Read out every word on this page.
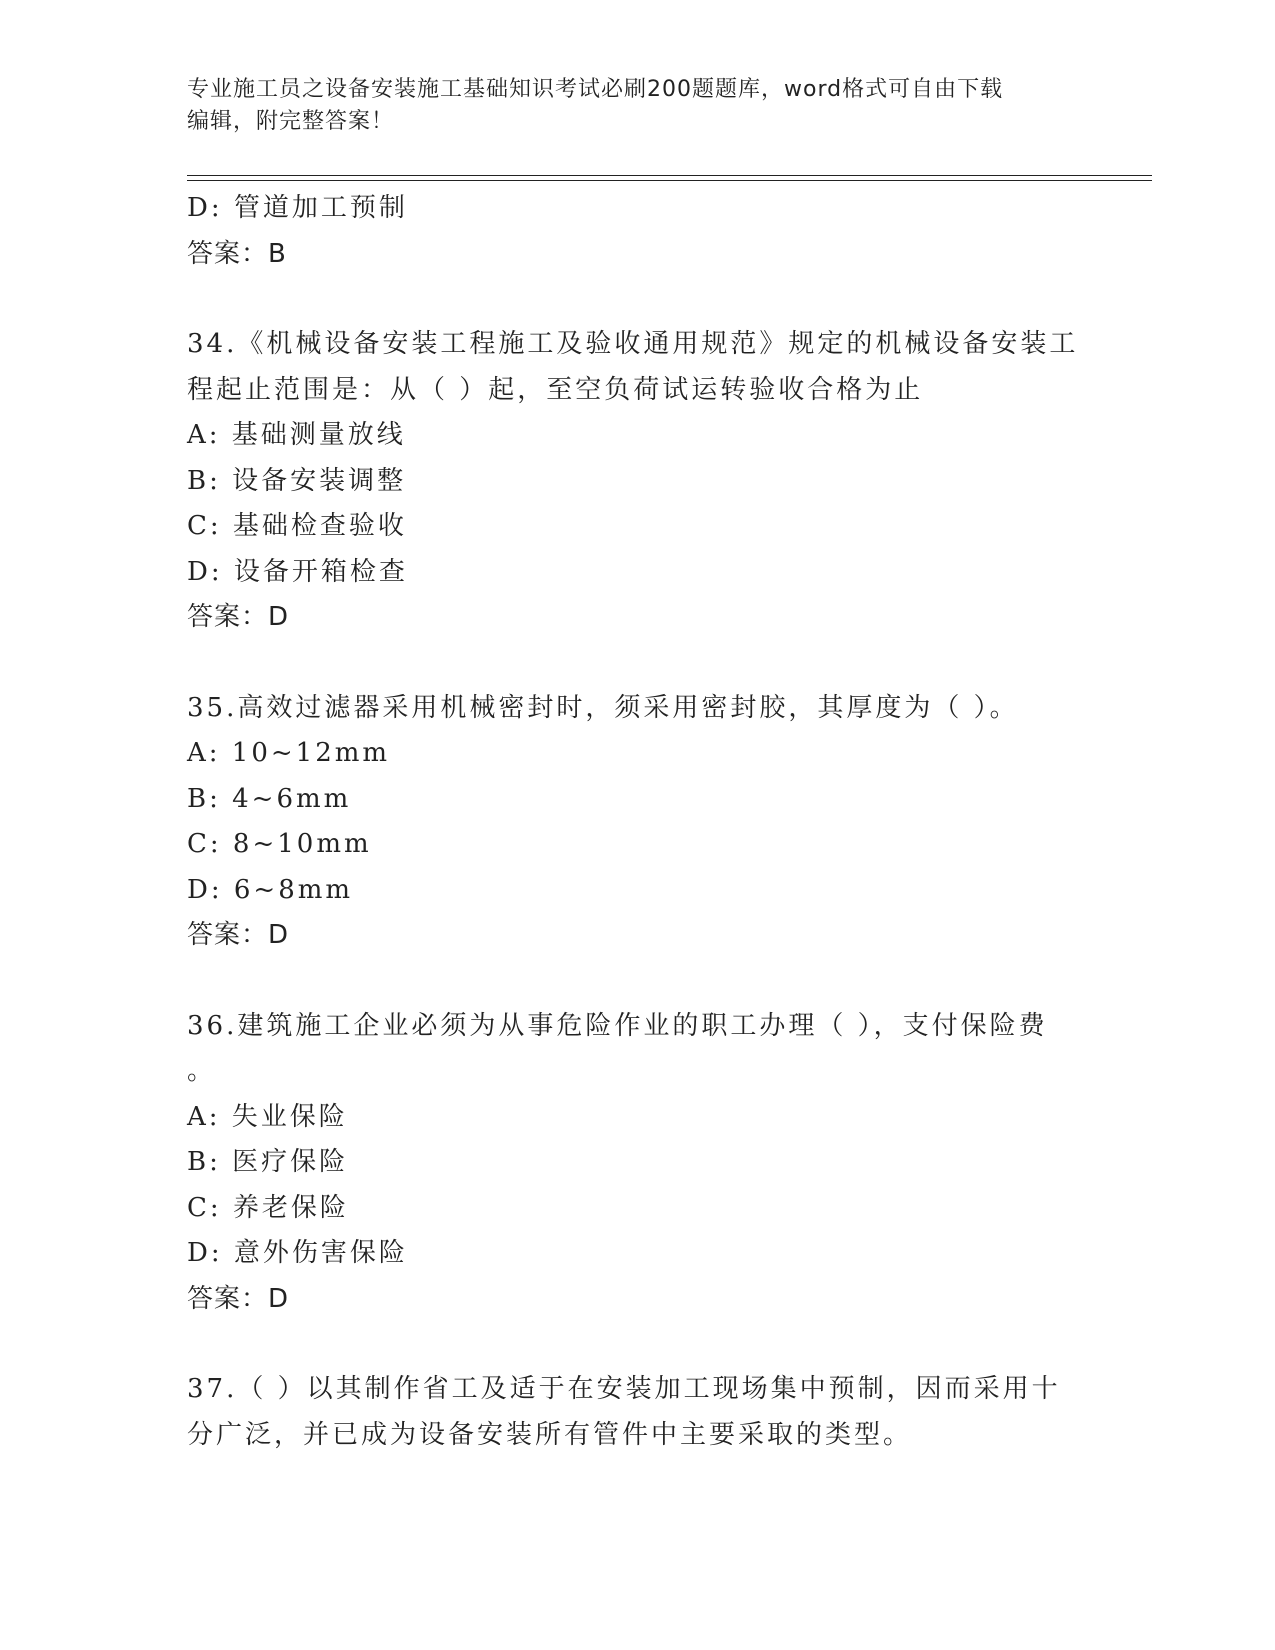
专业施工员之设备安装施工基础知识考试必刷200题题库，word格式可自由下载
编辑，附完整答案！
D: 管道加工预制
答案：B
34.《机械设备安装工程施工及验收通用规范》规定的机械设备安装工
程起止范围是：从（ ）起，至空负荷试运转验收合格为止
A: 基础测量放线
B: 设备安装调整
C: 基础检查验收
D: 设备开箱检查
答案：D
35.高效过滤器采用机械密封时，须采用密封胶，其厚度为（ ）。
A: 10~12mm
B: 4~6mm
C: 8~10mm
D: 6~8mm
答案：D
36.建筑施工企业必须为从事危险作业的职工办理（ ），支付保险费
。
A: 失业保险
B: 医疗保险
C: 养老保险
D: 意外伤害保险
答案：D
37.（ ）以其制作省工及适于在安装加工现场集中预制，因而采用十
分广泛，并已成为设备安装所有管件中主要采取的类型。
